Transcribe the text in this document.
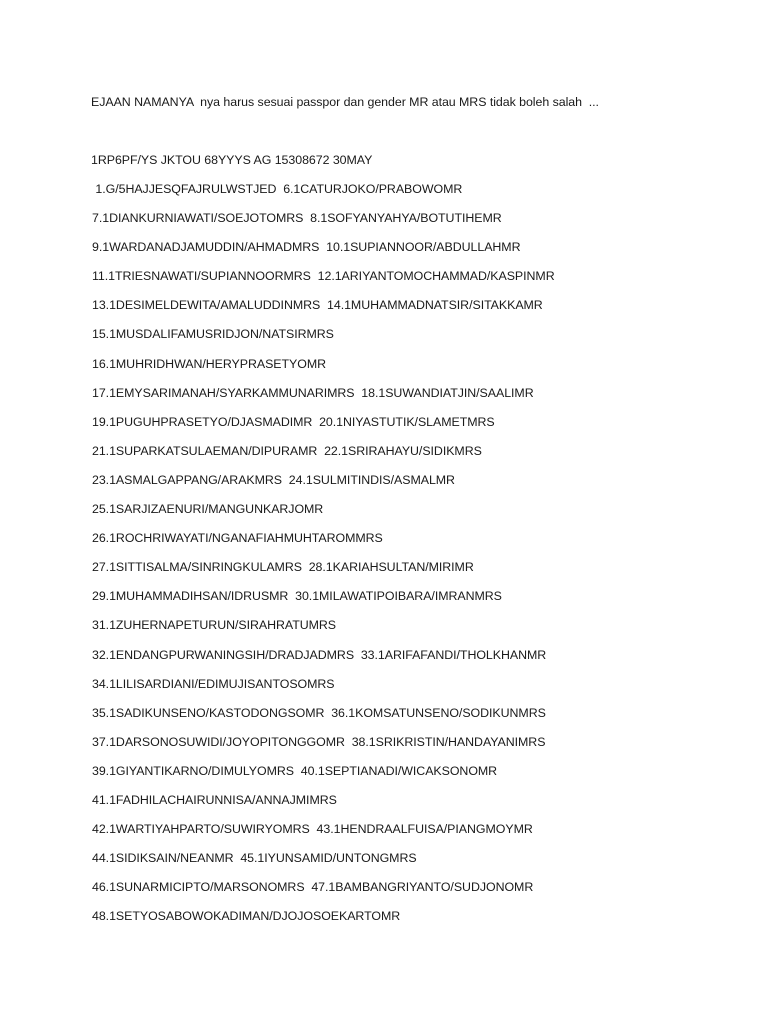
EJAAN NAMANYA  nya harus sesuai passpor dan gender MR atau MRS tidak boleh salah  ...
1RP6PF/YS JKTOU 68YYYS AG 15308672 30MAY
1.G/5HAJJESQFAJRULWSTJED  6.1CATURJOKO/PRABOWOMR
7.1DIANKURNIAWATI/SOEJOTOMRS  8.1SOFYANYAHYA/BOTUTIHEMR
9.1WARDANADJAMUDDIN/AHMADMRS  10.1SUPIANNOOR/ABDULLAHMR
11.1TRIESNAWATI/SUPIANNOORMRS  12.1ARIYANTOMOCHAMMAD/KASPINMR
13.1DESIMELDEWITA/AMALUDDINMRS  14.1MUHAMMADNATSIR/SITAKKAMR
15.1MUSDALIFAMUSRIDJON/NATSIRMRS
16.1MUHRIDHWAN/HERYPRASETYOMR
17.1EMYSARIMANAH/SYARKAMMUNARIMRS  18.1SUWANDIATJIN/SAALIMR
19.1PUGUHPRASETYO/DJASMADIMR  20.1NIYASTUTIK/SLAMETMRS
21.1SUPARKATSULAEMAN/DIPURAMR  22.1SRIRAHAYU/SIDIKMRS
23.1ASMALGAPPANG/ARAKMRS  24.1SULMITINDIS/ASMALMR
25.1SARJIZAENURI/MANGUNKARJOMR
26.1ROCHRIWAYATI/NGANAFIAHMUHTAROMMRS
27.1SITTISALMA/SINRINGKULAMRS  28.1KARIAHSULTAN/MIRIMR
29.1MUHAMMADIHSAN/IDRUSMR  30.1MILAWATIPOIBARA/IMRANMRS
31.1ZUHERNAPETURUN/SIRAHRATUMRS
32.1ENDANGPURWANINGSIH/DRADJADMRS  33.1ARIFAFANDI/THOLKHANMR
34.1LILISARDIANI/EDIMUJISANTOSOMRS
35.1SADIKUNSENO/KASTODONGSOMR  36.1KOMSATUNSENO/SODIKUNMRS
37.1DARSONOSUWIDI/JOYOPITONGGOMR  38.1SRIKRISTIN/HANDAYANIMRS
39.1GIYANTIKARNO/DIMULYOMRS  40.1SEPTIANADI/WICAKSONOMR
41.1FADHILACHAIRUNNISA/ANNAJMIMRS
42.1WARTIYAHPARTO/SUWIRYOMRS  43.1HENDRAALFUISA/PIANGMOYMR
44.1SIDIKSAIN/NEANMR  45.1IYUNSAMID/UNTONGMRS
46.1SUNARMICIPTO/MARSONOMRS  47.1BAMBANGRIYANTO/SUDJONOMR
48.1SETYOSABOWOKADIMAN/DJOJOSOEKARTOMR
